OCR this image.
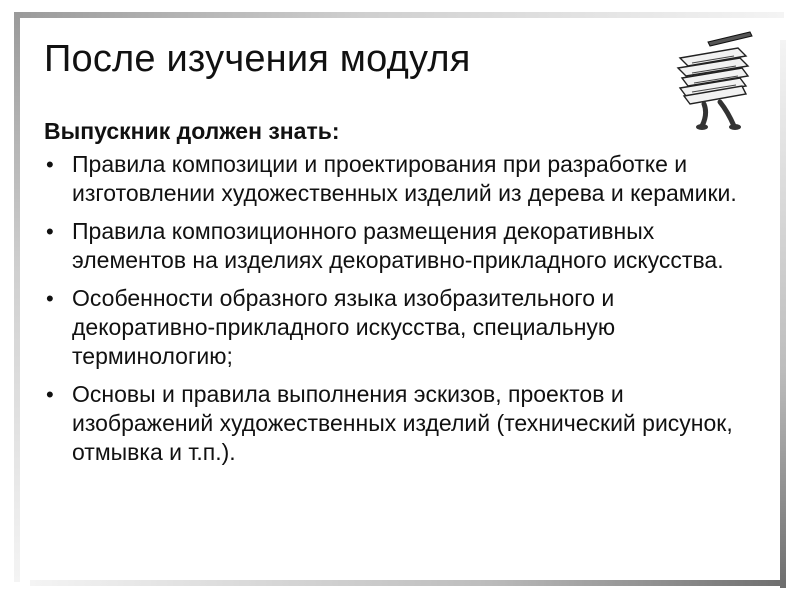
После изучения модуля

Выпускник должен знать:

• Правила композиции и проектирования при разработке и изготовлении художественных изделий из дерева и керамики.
• Правила композиционного размещения декоративных элементов на изделиях декоративно-прикладного искусства.
• Особенности образного языка изобразительного и декоративно-прикладного искусства, специальную терминологию;
• Основы и правила выполнения эскизов, проектов и изображений художественных изделий (технический рисунок, отмывка и т.п.).
